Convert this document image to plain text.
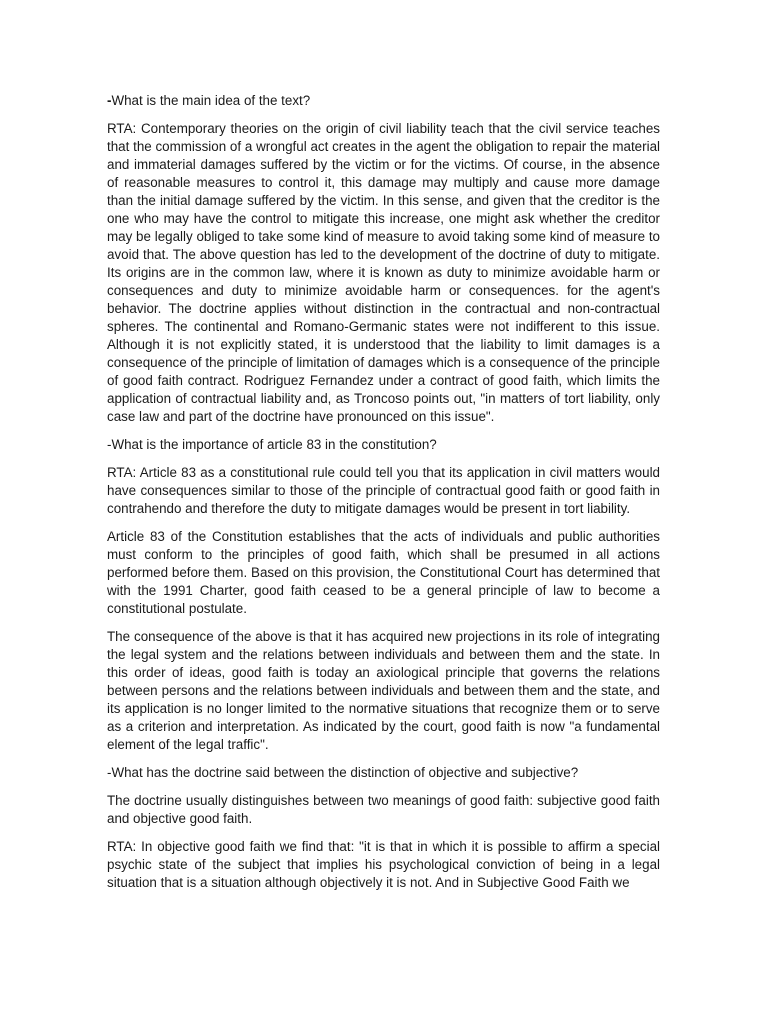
-What is the main idea of the text?

RTA: Contemporary theories on the origin of civil liability teach that the civil service teaches that the commission of a wrongful act creates in the agent the obligation to repair the material and immaterial damages suffered by the victim or for the victims. Of course, in the absence of reasonable measures to control it, this damage may multiply and cause more damage than the initial damage suffered by the victim. In this sense, and given that the creditor is the one who may have the control to mitigate this increase, one might ask whether the creditor may be legally obliged to take some kind of measure to avoid taking some kind of measure to avoid that. The above question has led to the development of the doctrine of duty to mitigate. Its origins are in the common law, where it is known as duty to minimize avoidable harm or consequences and duty to minimize avoidable harm or consequences. for the agent's behavior. The doctrine applies without distinction in the contractual and non-contractual spheres. The continental and Romano-Germanic states were not indifferent to this issue. Although it is not explicitly stated, it is understood that the liability to limit damages is a consequence of the principle of limitation of damages which is a consequence of the principle of good faith contract. Rodriguez Fernandez under a contract of good faith, which limits the application of contractual liability and, as Troncoso points out, "in matters of tort liability, only case law and part of the doctrine have pronounced on this issue".

-What is the importance of article 83 in the constitution?

RTA: Article 83 as a constitutional rule could tell you that its application in civil matters would have consequences similar to those of the principle of contractual good faith or good faith in contrahendo and therefore the duty to mitigate damages would be present in tort liability.

Article 83 of the Constitution establishes that the acts of individuals and public authorities must conform to the principles of good faith, which shall be presumed in all actions performed before them. Based on this provision, the Constitutional Court has determined that with the 1991 Charter, good faith ceased to be a general principle of law to become a constitutional postulate.

The consequence of the above is that it has acquired new projections in its role of integrating the legal system and the relations between individuals and between them and the state. In this order of ideas, good faith is today an axiological principle that governs the relations between persons and the relations between individuals and between them and the state, and its application is no longer limited to the normative situations that recognize them or to serve as a criterion and interpretation. As indicated by the court, good faith is now "a fundamental element of the legal traffic".

-What has the doctrine said between the distinction of objective and subjective?

The doctrine usually distinguishes between two meanings of good faith: subjective good faith and objective good faith.

RTA: In objective good faith we find that: "it is that in which it is possible to affirm a special psychic state of the subject that implies his psychological conviction of being in a legal situation that is a situation although objectively it is not. And in Subjective Good Faith we
